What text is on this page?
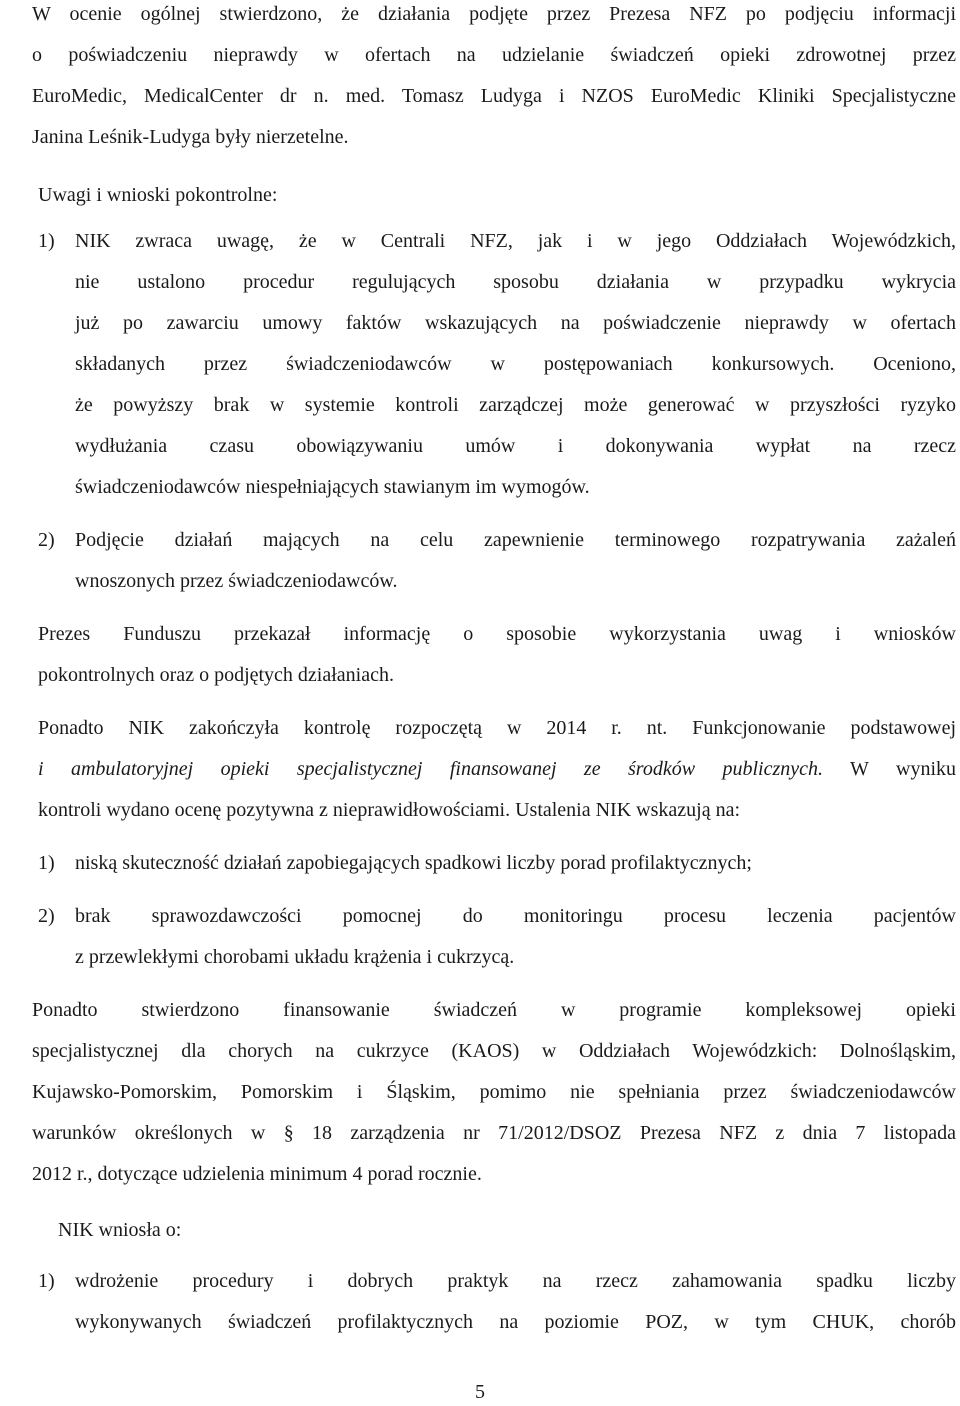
W ocenie ogólnej stwierdzono, że działania podjęte przez Prezesa NFZ po podjęciu informacji
o poświadczeniu nieprawdy w ofertach na udzielanie świadczeń opieki zdrowotnej przez
EuroMedic, MedicalCenter dr n. med. Tomasz Ludyga i NZOS EuroMedic Kliniki Specjalistyczne
Janina Leśnik-Ludyga były nierzetelne.
Uwagi i wnioski pokontrolne:
1) NIK zwraca uwagę, że w Centrali NFZ, jak i w jego Oddziałach Wojewódzkich,
nie ustalono procedur regulujących sposobu działania w przypadku wykrycia
już po zawarciu umowy faktów wskazujących na poświadczenie nieprawdy w ofertach
składanych przez świadczeniodawców w postępowaniach konkursowych. Oceniono,
że powyższy brak w systemie kontroli zarządczej może generować w przyszłości ryzyko
wydłużania czasu obowiązywaniu umów i dokonywania wypłat na rzecz
świadczeniodawców niespełniających stawianym im wymogów.
2) Podjęcie działań mających na celu zapewnienie terminowego rozpatrywania zażaleń
wnoszonych przez świadczeniodawców.
Prezes Funduszu przekazał informację o sposobie wykorzystania uwag i wniosków
pokontrolnych oraz o podjętych działaniach.
Ponadto NIK zakończyła kontrolę rozpoczętą w 2014 r. nt. Funkcjonowanie podstawowej
i ambulatoryjnej opieki specjalistycznej finansowanej ze środków publicznych. W wyniku
kontroli wydano ocenę pozytywna z nieprawidłowościami. Ustalenia NIK wskazują na:
1) niską skuteczność działań zapobiegających spadkowi liczby porad profilaktycznych;
2) brak sprawozdawczości pomocnej do monitoringu procesu leczenia pacjentów
z przewlekłymi chorobami układu krążenia i cukrzycą.
Ponadto stwierdzono finansowanie świadczeń w programie kompleksowej opieki
specjalistycznej dla chorych na cukrzyce (KAOS) w Oddziałach Wojewódzkich: Dolnośląskim,
Kujawsko-Pomorskim, Pomorskim i Śląskim, pomimo nie spełniania przez świadczeniodawców
warunków określonych w § 18 zarządzenia nr 71/2012/DSOZ Prezesa NFZ z dnia 7 listopada
2012 r., dotyczące udzielenia minimum 4 porad rocznie.
NIK wniosła o:
1) wdrożenie procedury i dobrych praktyk na rzecz zahamowania spadku liczby
wykonywanych świadczeń profilaktycznych na poziomie POZ, w tym CHUK, chorób
5
